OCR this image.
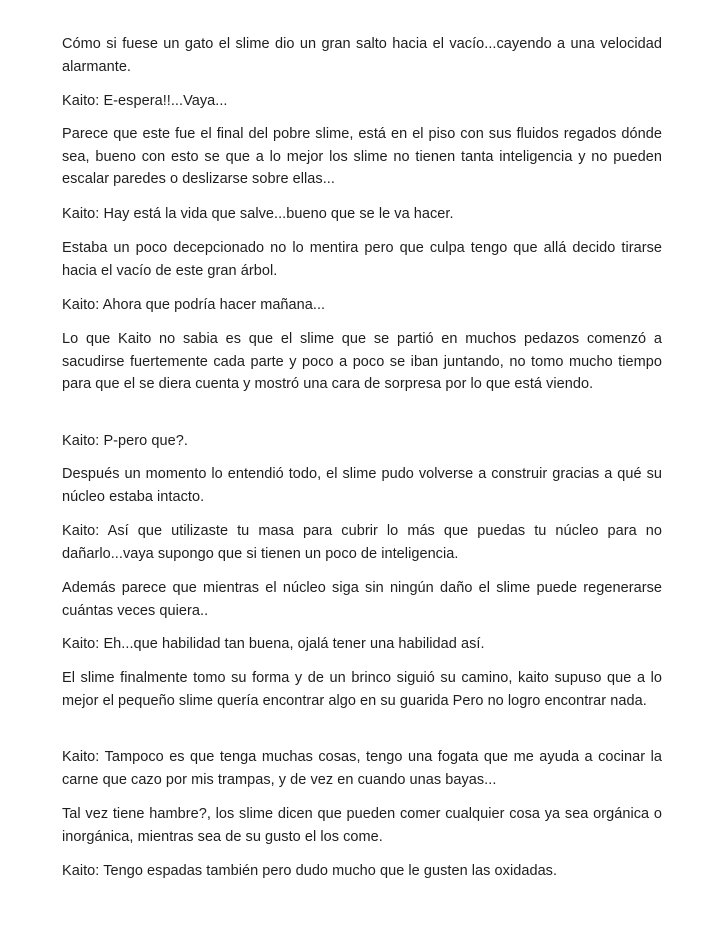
Cómo si fuese un gato el slime dio un gran salto hacia el vacío...cayendo a una velocidad alarmante.

Kaito: E-espera!!...Vaya...

Parece que este fue el final del pobre slime, está en el piso con sus fluidos regados dónde sea, bueno con esto se que a lo mejor los slime no tienen tanta inteligencia y no pueden escalar paredes o deslizarse sobre ellas...

Kaito: Hay está la vida que salve...bueno que se le va hacer.

Estaba un poco decepcionado no lo mentira pero que culpa tengo que allá decido tirarse hacia el vacío de este gran árbol.

Kaito: Ahora que podría hacer mañana...

Lo que Kaito no sabia es que el slime que se partió en muchos pedazos comenzó a sacudirse fuertemente cada parte y poco a poco se iban juntando, no tomo mucho tiempo para que el se diera cuenta y mostró una cara de sorpresa por lo que está viendo.

Kaito: P-pero que?.

Después un momento lo entendió todo, el slime pudo volverse a construir gracias a qué su núcleo estaba intacto.

Kaito: Así que utilizaste tu masa para cubrir lo más que puedas tu núcleo para no dañarlo...vaya supongo que si tienen un poco de inteligencia.

Además parece que mientras el núcleo siga sin ningún daño el slime puede regenerarse cuántas veces quiera..

Kaito: Eh...que habilidad tan buena, ojalá tener una habilidad así.

El slime finalmente tomo su forma y de un brinco siguió su camino, kaito supuso que a lo mejor el pequeño slime quería encontrar algo en su guarida Pero no logro encontrar nada.

Kaito: Tampoco es que tenga muchas cosas, tengo una fogata que me ayuda a cocinar la carne que cazo por mis trampas, y de vez en cuando unas bayas...

Tal vez tiene hambre?, los slime dicen que pueden comer cualquier cosa ya sea orgánica o inorgánica, mientras sea de su gusto el los come.

Kaito: Tengo espadas también pero dudo mucho que le gusten las oxidadas.
